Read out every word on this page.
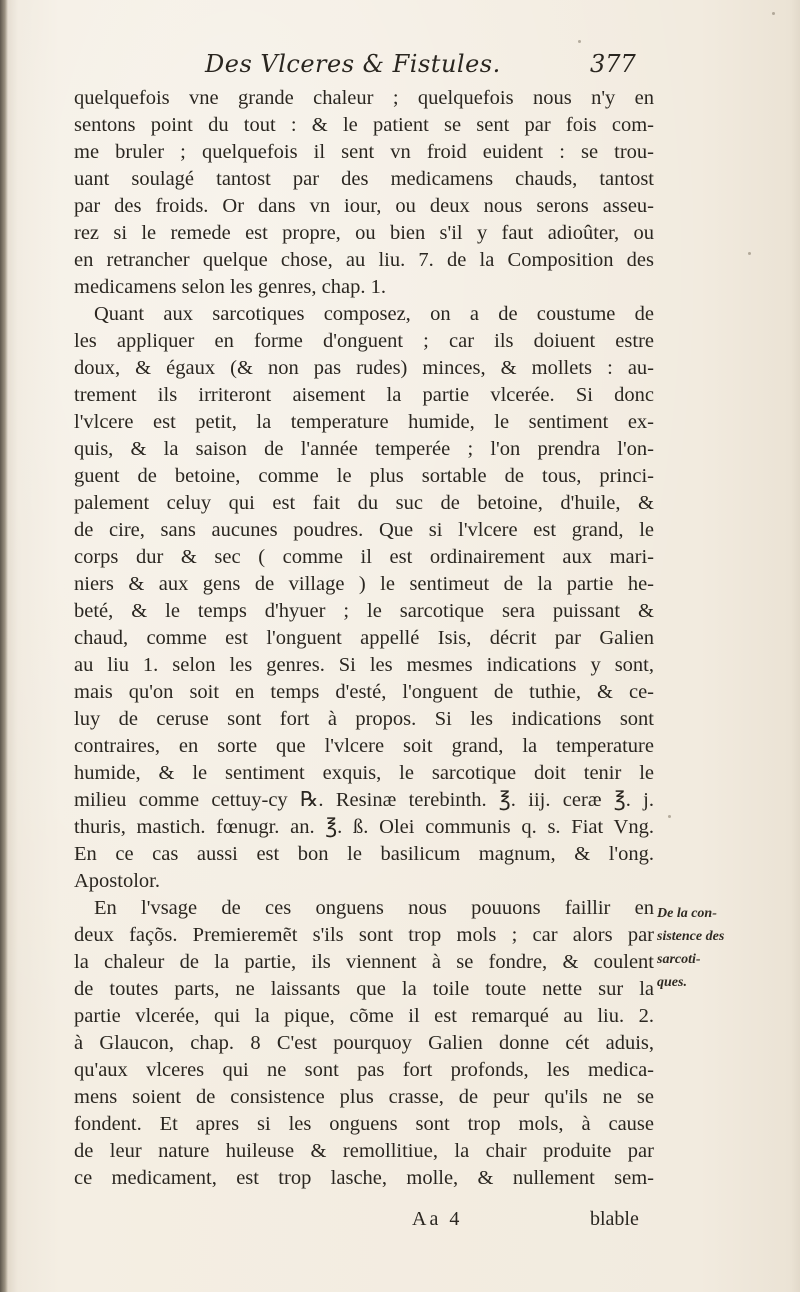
Des Vlceres & Fistules.	377
quelquefois vne grande chaleur ; quelquefois nous n'y en
sentons point du tout : & le patient se sent par fois com-
me bruler ; quelquefois il sent vn froid euident : se trou-
uant soulagé tantost par des medicamens chauds, tantost
par des froids. Or dans vn iour, ou deux nous serons asseu-
rez si le remede est propre, ou bien s'il y faut adioûter, ou
en retrancher quelque chose, au liu. 7. de la Composition des
medicamens selon les genres, chap. 1.
Quant aux sarcotiques composez, on a de coustume de
les appliquer en forme d'onguent ; car ils doiuent estre
doux, & égaux (& non pas rudes) minces, & mollets : au-
trement ils irriteront aisement la partie vlcerée. Si donc
l'vlcere est petit, la temperature humide, le sentiment ex-
quis, & la saison de l'année temperée ; l'on prendra l'on-
guent de betoine, comme le plus sortable de tous, princi-
palement celuy qui est fait du suc de betoine, d'huile, &
de cire, sans aucunes poudres. Que si l'vlcere est grand, le
corps dur & sec ( comme il est ordinairement aux mari-
niers & aux gens de village ) le sentimeut de la partie he-
beté, & le temps d'hyuer ; le sarcotique sera puissant &
chaud, comme est l'onguent appellé Isis, décrit par Galien
au liu 1. selon les genres. Si les mesmes indications y sont,
mais qu'on soit en temps d'esté, l'onguent de tuthie, & ce-
luy de ceruse sont fort à propos. Si les indications sont
contraires, en sorte que l'vlcere soit grand, la temperature
humide, & le sentiment exquis, le sarcotique doit tenir le
milieu comme cettuy-cy ℞. Resinæ terebinth. ℥. iij. ceræ ℥. j.
thuris, mastich. fœnugr. an. ℥. ß. Olei communis q. s. Fiat Vng.
En ce cas aussi est bon le basilicum magnum, & l'ong.
Apostolor.
En l'vsage de ces onguens nous pouuons faillir en
deux façõs. Premieremẽt s'ils sont trop mols ; car alors par
la chaleur de la partie, ils viennent à se fondre, & coulent
de toutes parts, ne laissants que la toile toute nette sur la
partie vlcerée, qui la pique, cõme il est remarqué au liu. 2.
à Glaucon, chap. 8 C'est pourquoy Galien donne cét aduis,
qu'aux vlceres qui ne sont pas fort profonds, les medica-
mens soient de consistence plus crasse, de peur qu'ils ne se
fondent. Et apres si les onguens sont trop mols, à cause
de leur nature huileuse & remollitiue, la chair produite par
ce medicament, est trop lasche, molle, & nullement sem-
De la con-
sistence des
sarcoti-
ques.
Aa 4	blable
